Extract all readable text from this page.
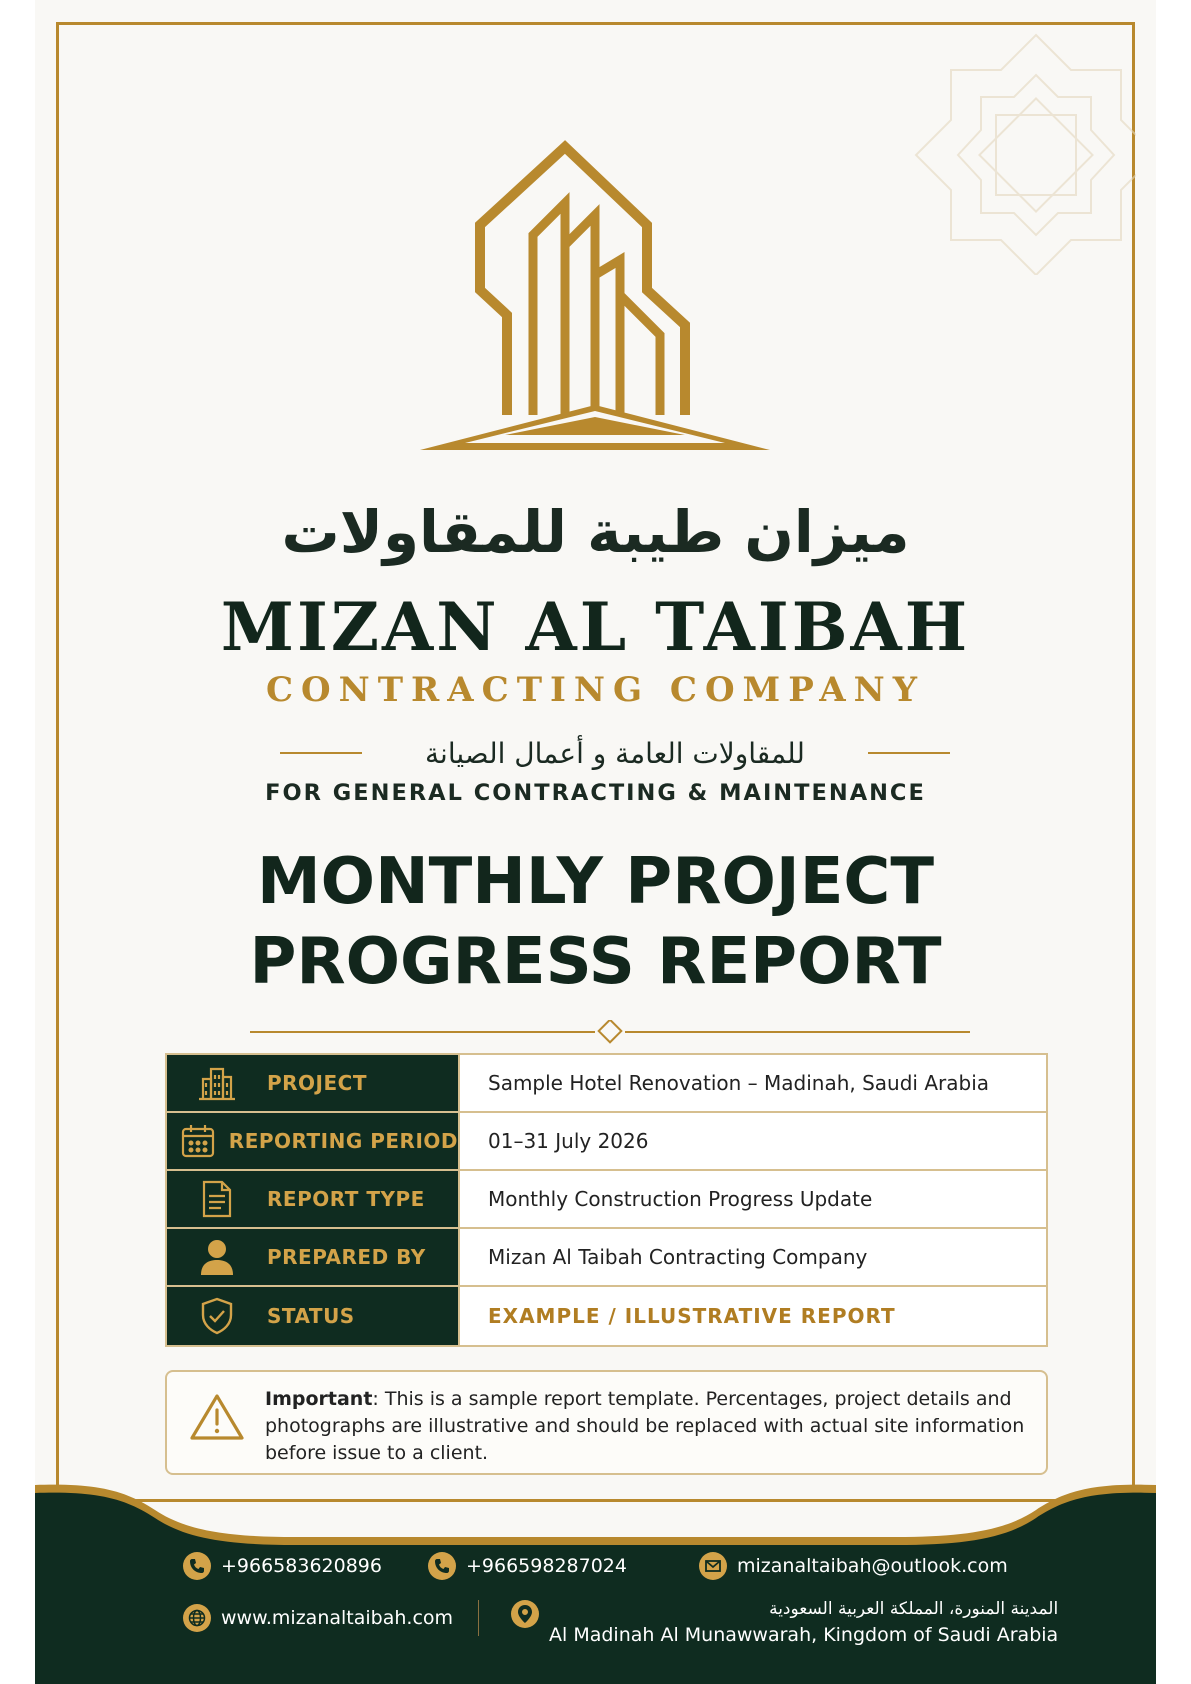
ميزان طيبة للمقاولات
MIZAN AL TAIBAH
CONTRACTING COMPANY
للمقاولات العامة و أعمال الصيانة
FOR GENERAL CONTRACTING & MAINTENANCE
MONTHLY PROJECT
PROGRESS REPORT
PROJECT	Sample Hotel Renovation – Madinah, Saudi Arabia
REPORTING PERIOD	01–31 July 2026
REPORT TYPE	Monthly Construction Progress Update
PREPARED BY	Mizan Al Taibah Contracting Company
STATUS	EXAMPLE / ILLUSTRATIVE REPORT
Important: This is a sample report template. Percentages, project details and photographs are illustrative and should be replaced with actual site information before issue to a client.
+966583620896	+966598287024	mizanaltaibah@outlook.com
www.mizanaltaibah.com	المدينة المنورة، المملكة العربية السعودية
Al Madinah Al Munawwarah, Kingdom of Saudi Arabia
